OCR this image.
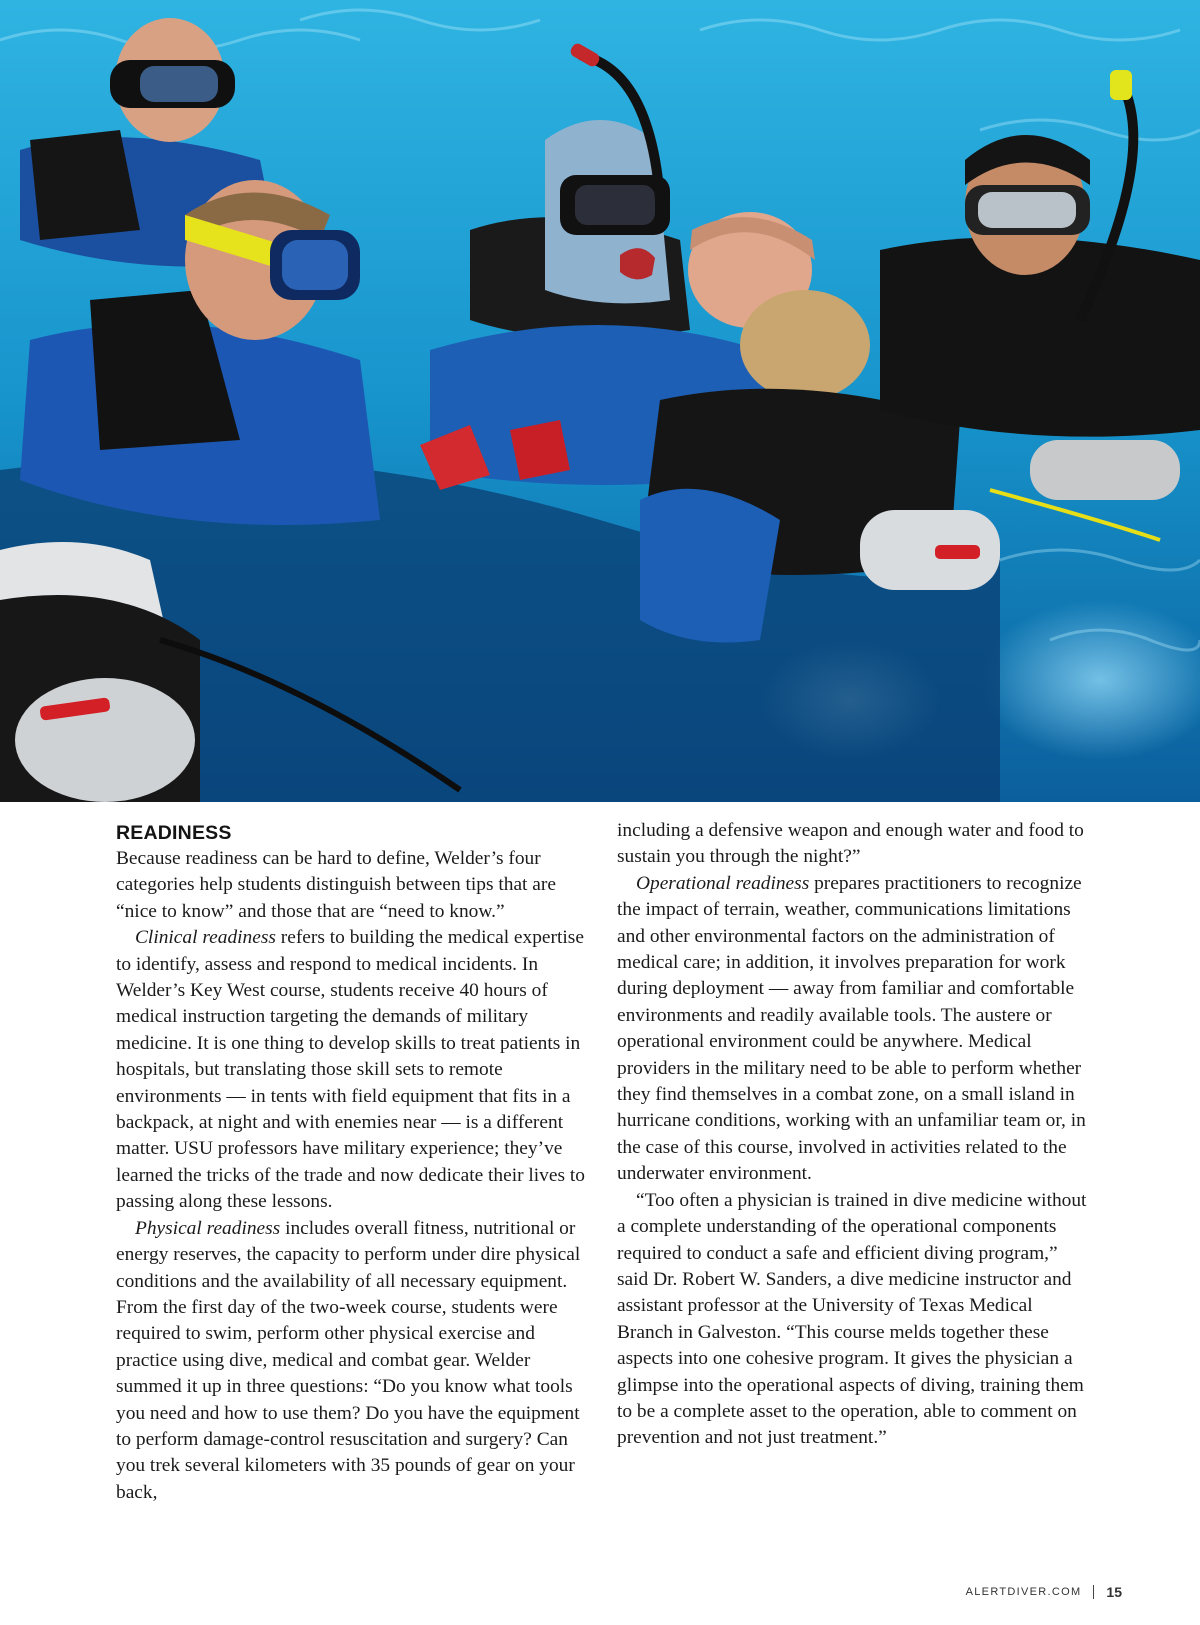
READINESS

Because readiness can be hard to define, Welder’s four categories help students distinguish between tips that are “nice to know” and those that are “need to know.”

Clinical readiness refers to building the medical expertise to identify, assess and respond to medical incidents. In Welder’s Key West course, students receive 40 hours of medical instruction targeting the demands of military medicine. It is one thing to develop skills to treat patients in hospitals, but translating those skill sets to remote environments — in tents with field equipment that fits in a backpack, at night and with enemies near — is a different matter. USU professors have military experience; they’ve learned the tricks of the trade and now dedicate their lives to passing along these lessons.

Physical readiness includes overall fitness, nutritional or energy reserves, the capacity to perform under dire physical conditions and the availability of all necessary equipment. From the first day of the two-week course, students were required to swim, perform other physical exercise and practice using dive, medical and combat gear. Welder summed it up in three questions: “Do you know what tools you need and how to use them? Do you have the equipment to perform damage-control resuscitation and surgery? Can you trek several kilometers with 35 pounds of gear on your back,

including a defensive weapon and enough water and food to sustain you through the night?”

Operational readiness prepares practitioners to recognize the impact of terrain, weather, communications limitations and other environmental factors on the administration of medical care; in addition, it involves preparation for work during deployment — away from familiar and comfortable environments and readily available tools. The austere or operational environment could be anywhere. Medical providers in the military need to be able to perform whether they find themselves in a combat zone, on a small island in hurricane conditions, working with an unfamiliar team or, in the case of this course, involved in activities related to the underwater environment.

“Too often a physician is trained in dive medicine without a complete understanding of the operational components required to conduct a safe and efficient diving program,” said Dr. Robert W. Sanders, a dive medicine instructor and assistant professor at the University of Texas Medical Branch in Galveston. “This course melds together these aspects into one cohesive program. It gives the physician a glimpse into the operational aspects of diving, training them to be a complete asset to the operation, able to comment on prevention and not just treatment.”

ALERTDIVER.COM 15
